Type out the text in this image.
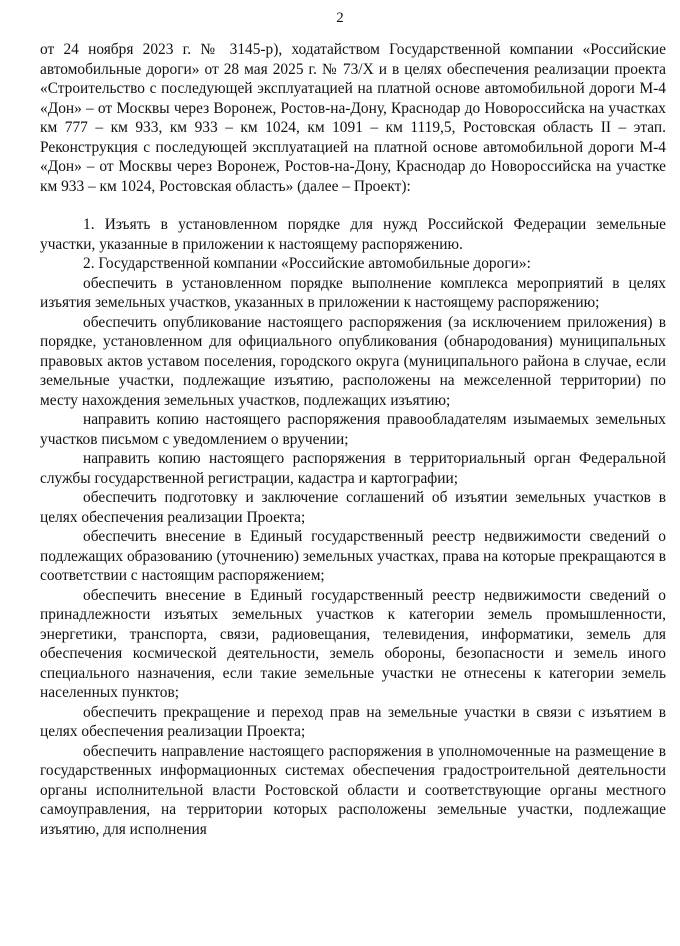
2

от 24 ноября 2023 г. № 3145-р), ходатайством Государственной компании «Российские автомобильные дороги» от 28 мая 2025 г. № 73/Х и в целях обеспечения реализации проекта «Строительство с последующей эксплуатацией на платной основе автомобильной дороги М-4 «Дон» – от Москвы через Воронеж, Ростов-на-Дону, Краснодар до Новороссийска на участках км 777 – км 933, км 933 – км 1024, км 1091 – км 1119,5, Ростовская область II – этап. Реконструкция с последующей эксплуатацией на платной основе автомобильной дороги М-4 «Дон» – от Москвы через Воронеж, Ростов-на-Дону, Краснодар до Новороссийска на участке км 933 – км 1024, Ростовская область» (далее – Проект):

1. Изъять в установленном порядке для нужд Российской Федерации земельные участки, указанные в приложении к настоящему распоряжению.

2. Государственной компании «Российские автомобильные дороги»:

обеспечить в установленном порядке выполнение комплекса мероприятий в целях изъятия земельных участков, указанных в приложении к настоящему распоряжению;

обеспечить опубликование настоящего распоряжения (за исключением приложения) в порядке, установленном для официального опубликования (обнародования) муниципальных правовых актов уставом поселения, городского округа (муниципального района в случае, если земельные участки, подлежащие изъятию, расположены на межселенной территории) по месту нахождения земельных участков, подлежащих изъятию;

направить копию настоящего распоряжения правообладателям изымаемых земельных участков письмом с уведомлением о вручении;

направить копию настоящего распоряжения в территориальный орган Федеральной службы государственной регистрации, кадастра и картографии;

обеспечить подготовку и заключение соглашений об изъятии земельных участков в целях обеспечения реализации Проекта;

обеспечить внесение в Единый государственный реестр недвижимости сведений о подлежащих образованию (уточнению) земельных участках, права на которые прекращаются в соответствии с настоящим распоряжением;

обеспечить внесение в Единый государственный реестр недвижимости сведений о принадлежности изъятых земельных участков к категории земель промышленности, энергетики, транспорта, связи, радиовещания, телевидения, информатики, земель для обеспечения космической деятельности, земель обороны, безопасности и земель иного специального назначения, если такие земельные участки не отнесены к категории земель населенных пунктов;

обеспечить прекращение и переход прав на земельные участки в связи с изъятием в целях обеспечения реализации Проекта;

обеспечить направление настоящего распоряжения в уполномоченные на размещение в государственных информационных системах обеспечения градостроительной деятельности органы исполнительной власти Ростовской области и соответствующие органы местного самоуправления, на территории которых расположены земельные участки, подлежащие изъятию, для исполнения
